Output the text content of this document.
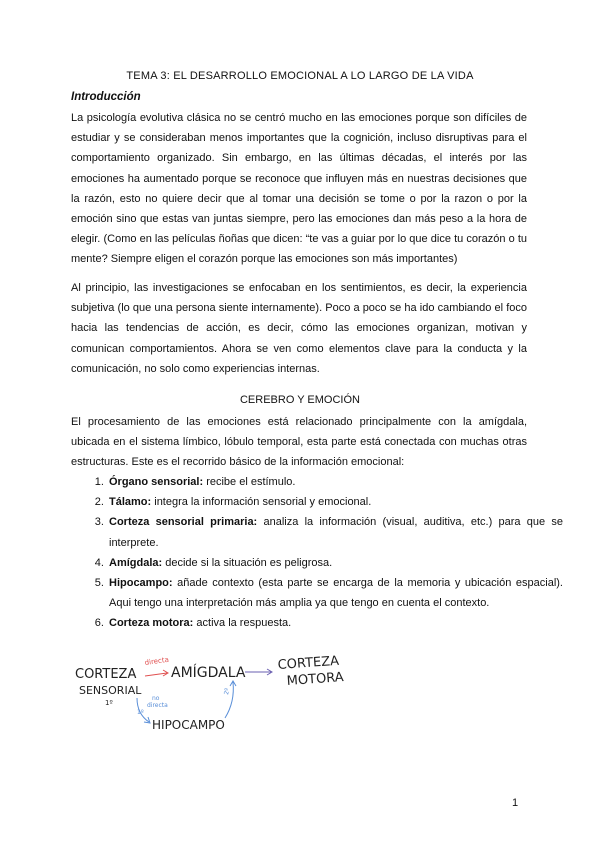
TEMA 3: EL DESARROLLO EMOCIONAL A LO LARGO DE LA VIDA
Introducción

La psicología evolutiva clásica no se centró mucho en las emociones porque son difíciles de estudiar y se consideraban menos importantes que la cognición, incluso disruptivas para el comportamiento organizado. Sin embargo, en las últimas décadas, el interés por las emociones ha aumentado porque se reconoce que influyen más en nuestras decisiones que la razón, esto no quiere decir que al tomar una decisión se tome o por la razon o por la emoción sino que estas van juntas siempre, pero las emociones dan más peso a la hora de elegir. (Como en las películas ñoñas que dicen: “te vas a guiar por lo que dice tu corazón o tu mente? Siempre eligen el corazón porque las emociones son más importantes)

Al principio, las investigaciones se enfocaban en los sentimientos, es decir, la experiencia subjetiva (lo que una persona siente internamente). Poco a poco se ha ido cambiando el foco hacia las tendencias de acción, es decir, cómo las emociones organizan, motivan y comunican comportamientos. Ahora se ven como elementos clave para la conducta y la comunicación, no solo como experiencias internas.

CEREBRO Y EMOCIÓN

El procesamiento de las emociones está relacionado principalmente con la amígdala, ubicada en el sistema límbico, lóbulo temporal, esta parte está conectada con muchas otras estructuras. Este es el recorrido básico de la información emocional:

1. Órgano sensorial: recibe el estímulo.
2. Tálamo: integra la información sensorial y emocional.
3. Corteza sensorial primaria: analiza la información (visual, auditiva, etc.) para que se interprete.
4. Amígdala: decide si la situación es peligrosa.
5. Hipocampo: añade contexto (esta parte se encarga de la memoria y ubicación espacial). Aqui tengo una interpretación más amplia ya que tengo en cuenta el contexto.
6. Corteza motora: activa la respuesta.
CORTEZA
SENSORIAL
1º
AMÍGDALA
CORTEZA
MOTORA
HIPOCAMPO
directa
no
directa
1º
2º
1
